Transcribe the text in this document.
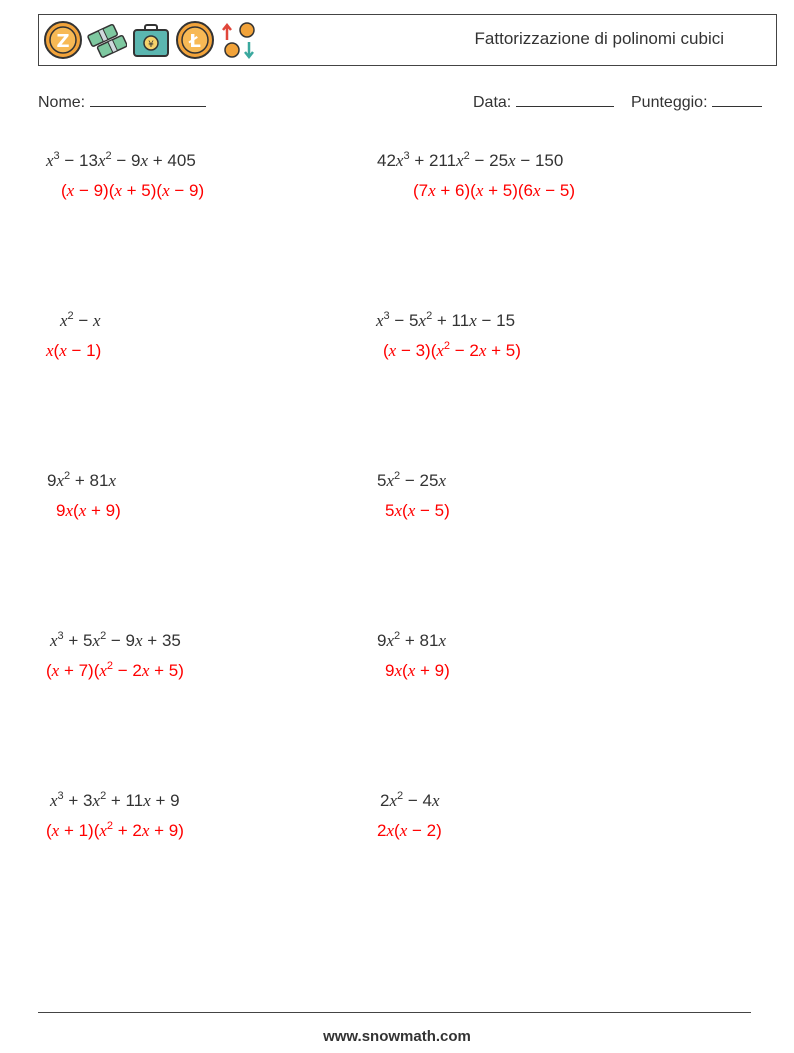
Z	¥ Ł	Fattorizzazione di polinomi cubici
Nome:	Data:	Punteggio:
$x^3 - 13x^2 - 9x + 405$
(x − 9)(x + 5)(x − 9)
$42x^3 + 211x^2 - 25x - 150$
(7x + 6)(x + 5)(6x − 5)
$x^2 - x$
x(x − 1)
$x^3 - 5x^2 + 11x - 15$
$(x - 3)(x^2 - 2x + 5)$
$9x^2 + 81x$
9x(x + 9)
$5x^2 - 25x$
5x(x − 5)
$x^3 + 5x^2 - 9x + 35$
$(x + 7)(x^2 - 2x + 5)$
$9x^2 + 81x$
9x(x + 9)
$x^3 + 3x^2 + 11x + 9$
$(x + 1)(x^2 + 2x + 9)$
$2x^2 - 4x$
2x(x − 2)
www.snowmath.com
